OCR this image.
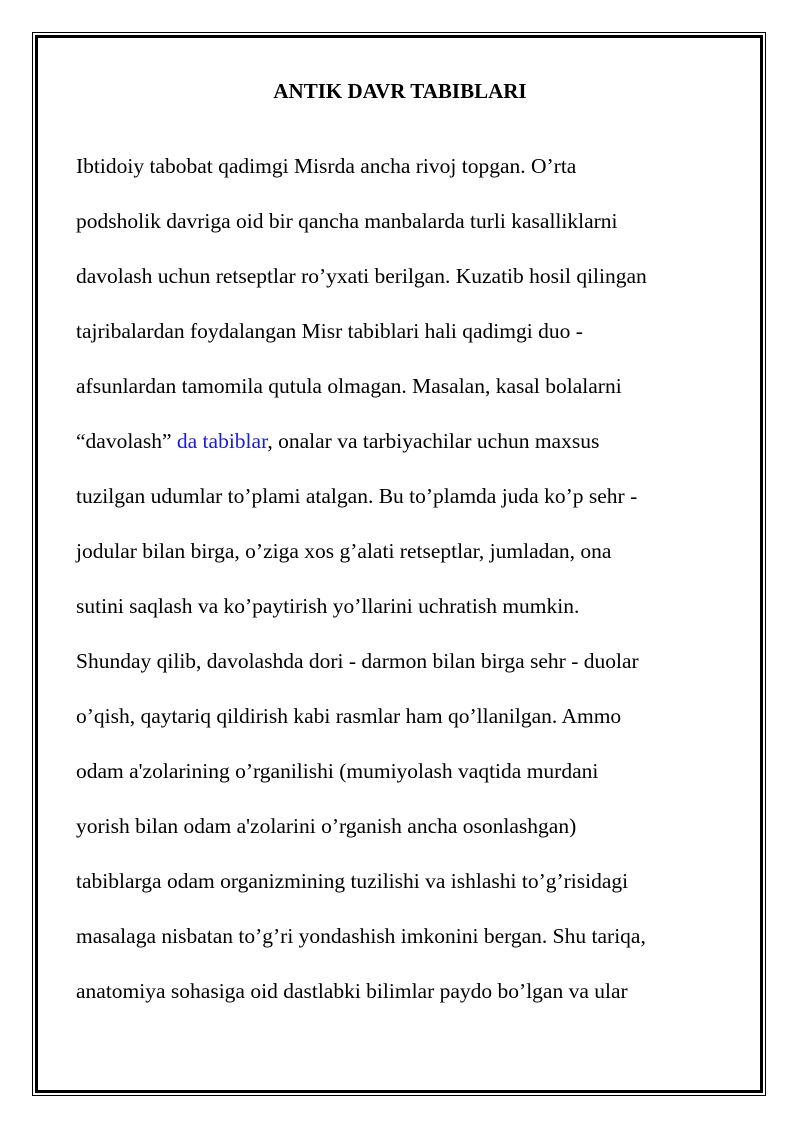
ANTIK DAVR TABIBLARI
Ibtidoiy tabobat qadimgi Misrda ancha rivoj topgan. O’rta
podsholik davriga oid bir qancha manbalarda turli kasalliklarni
davolash uchun retseptlar ro’yxati berilgan. Kuzatib hosil qilingan
tajribalardan foydalangan Misr tabiblari hali qadimgi duo -
afsunlardan tamomila qutula olmagan. Masalan, kasal bolalarni
“davolash” da tabiblar, onalar va tarbiyachilar uchun maxsus
tuzilgan udumlar to’plami atalgan. Bu to’plamda juda ko’p sehr -
jodular bilan birga, o’ziga xos g’alati retseptlar, jumladan, ona
sutini saqlash va ko’paytirish yo’llarini uchratish mumkin.
Shunday qilib, davolashda dori - darmon bilan birga sehr - duolar
o’qish, qaytariq qildirish kabi rasmlar ham qo’llanilgan. Ammo
odam a'zolarining o’rganilishi (mumiyolash vaqtida murdani
yorish bilan odam a'zolarini o’rganish ancha osonlashgan)
tabiblarga odam organizmining tuzilishi va ishlashi to’g’risidagi
masalaga nisbatan to’g’ri yondashish imkonini bergan. Shu tariqa,
anatomiya sohasiga oid dastlabki bilimlar paydo bo’lgan va ular
